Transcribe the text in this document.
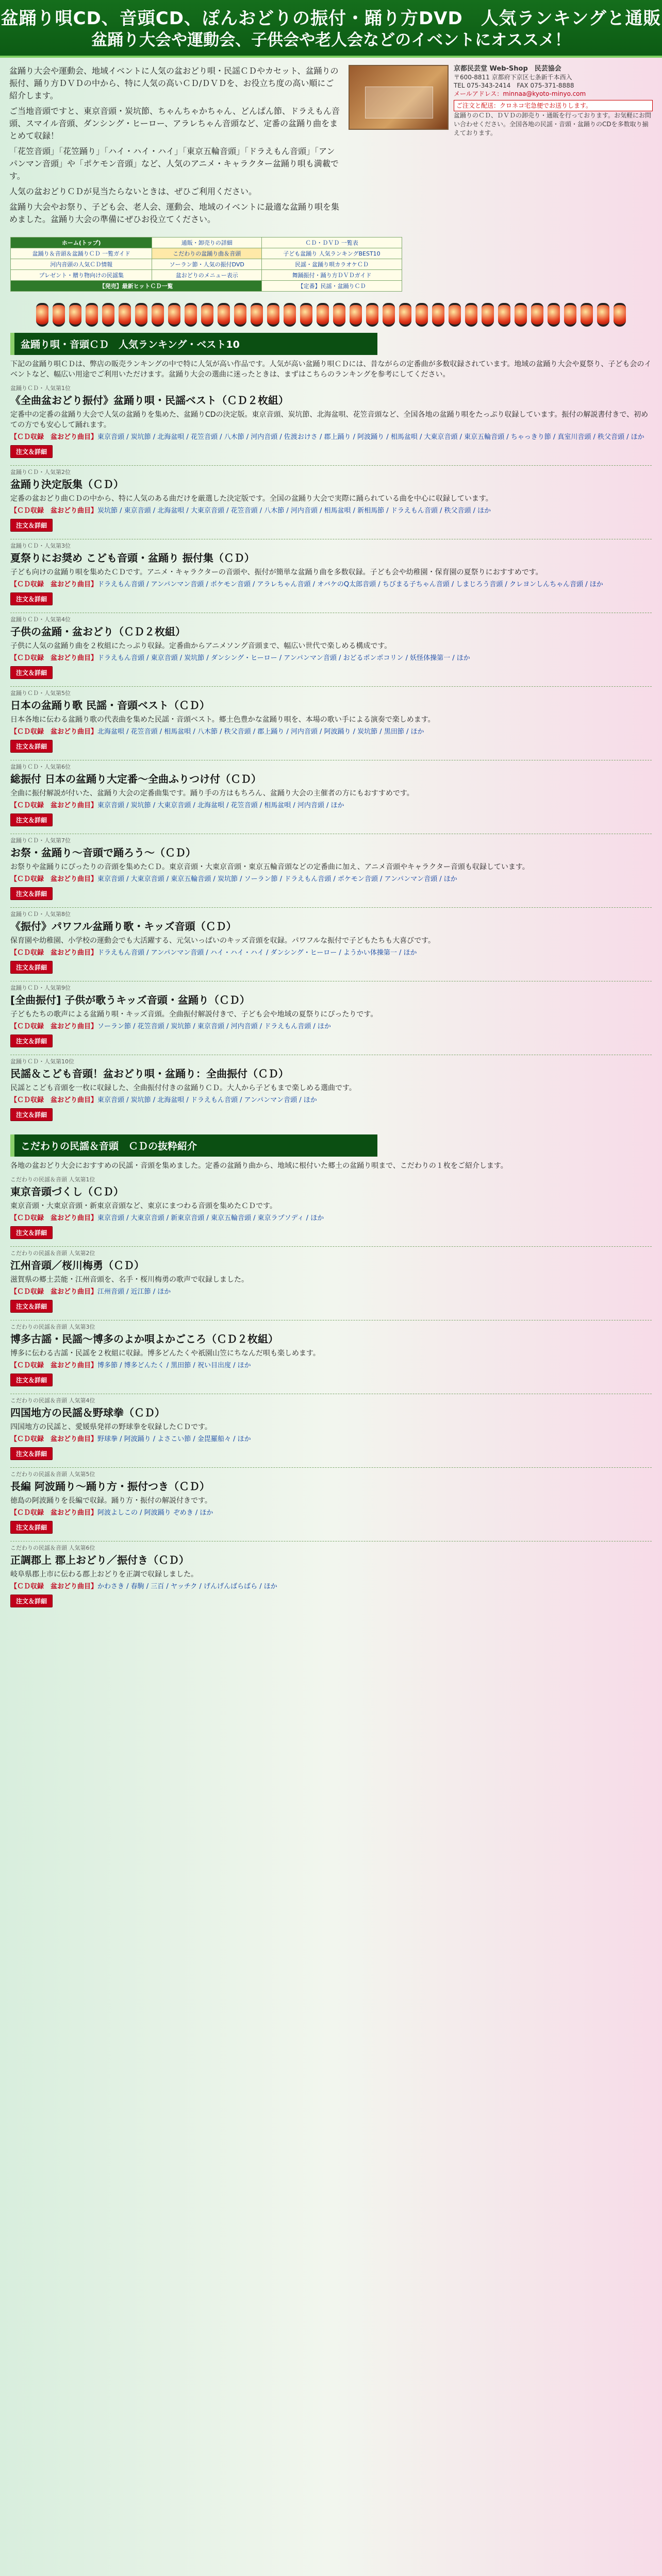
盆踊り唄CD、音頭CD、ぽんおどりの振付・踊り方DVD　人気ランキングと通販
盆踊り大会や運動会、子供会や老人会などのイベントにオススメ！

盆踊り大会や運動会、地域イベントに人気の盆おどり唄・民謡ＣＤやカセット、盆踊りの振付、踊り方ＤＶＤの中から、特に人気の高いＣＤ/ＤＶＤを、お役立ち度の高い順にご紹介します。

ご当地音頭ですと、東京音頭・炭坑節、ちゃんちゃかちゃん、どんぱん節、ドラえもん音頭、スマイル音頭、ダンシング・ヒーロー、アラレちゃん音頭など、定番の盆踊り曲をまとめて収録！

「花笠音頭」「花笠踊り」「ハイ・ハイ・ハイ」「東京五輪音頭」「ドラえもん音頭」「アンパンマン音頭」や「ポケモン音頭」など、人気のアニメ・キャラクター盆踊り唄も満載です。

人気の盆おどりＣＤが見当たらないときは、ぜひご利用ください。

盆踊り大会やお祭り、子ども会、老人会、運動会、地域のイベントに最適な盆踊り唄を集めました。盆踊り大会の準備にぜひお役立てください。

京都民芸堂 Web-Shop　民芸協会
〒600-8811 京都府下京区七条新千本西入
TEL 075-343-2414　FAX 075-371-8888
メールアドレス：minnaa@kyoto-minyo.com
ご注文と配送：クロネコ宅急便でお送りします。
盆踊りのＣＤ、ＤＶＤの卸売り・通販を行っております。お気軽にお問い合わせください。全国各地の民謡・音頭・盆踊りのCDを多数取り揃えております。
ホーム(トップ)	通販・卸売りの詳細	ＣＤ・ＤＶＤ 一覧表
盆踊り＆音頭＆盆踊りＣＤ 一覧ガイド	こだわりの盆踊り曲＆音頭	子ども盆踊り 人気ランキングBEST10
河内音頭の人気ＣＤ情報	ソーラン節・人気の振付DVD	民謡・盆踊り唄カラオケＣＤ
プレゼント・贈り物向けの民謡集	盆おどりのメニュー表示	舞踊振付・踊り方ＤＶＤガイド
【発売】最新ヒットＣＤ一覧		【定番】民謡・盆踊りＣＤ
盆踊り唄・音頭ＣＤ　人気ランキング・ベスト10

下記の盆踊り唄ＣＤは、弊店の販売ランキングの中で特に人気が高い作品です。人気が高い盆踊り唄ＣＤには、昔ながらの定番曲が多数収録されています。地域の盆踊り大会や夏祭り、子ども会のイベントなど、幅広い用途でご利用いただけます。盆踊り大会の選曲に迷ったときは、まずはこちらのランキングを参考にしてください。

盆踊りＣＤ・人気第1位
《全曲盆おどり振付》盆踊り唄・民謡ベスト（ＣＤ２枚組）

定番中の定番の盆踊り大会で人気の盆踊りを集めた、盆踊りCDの決定版。東京音頭、炭坑節、北海盆唄、花笠音頭など、全国各地の盆踊り唄をたっぷり収録しています。振付の解説書付きで、初めての方でも安心して踊れます。

【ＣＤ収録　盆おどり曲目】東京音頭 / 炭坑節 / 北海盆唄 / 花笠音頭 / 八木節 / 河内音頭 / 佐渡おけさ / 郡上踊り / 阿波踊り / 相馬盆唄 / 大東京音頭 / 東京五輪音頭 / ちゃっきり節 / 真室川音頭 / 秩父音頭 / ほか

注文＆詳細
盆踊りＣＤ・人気第2位
盆踊り決定版集（ＣＤ）

定番の盆おどり曲ＣＤの中から、特に人気のある曲だけを厳選した決定版です。全国の盆踊り大会で実際に踊られている曲を中心に収録しています。

【ＣＤ収録　盆おどり曲目】炭坑節 / 東京音頭 / 北海盆唄 / 大東京音頭 / 花笠音頭 / 八木節 / 河内音頭 / 相馬盆唄 / 新相馬節 / ドラえもん音頭 / 秩父音頭 / ほか

注文＆詳細
盆踊りＣＤ・人気第3位
夏祭りにお奨め こども音頭・盆踊り 振付集（ＣＤ）

子ども向けの盆踊り唄を集めたＣＤです。アニメ・キャラクターの音頭や、振付が簡単な盆踊り曲を多数収録。子ども会や幼稚園・保育園の夏祭りにおすすめです。

【ＣＤ収録　盆おどり曲目】ドラえもん音頭 / アンパンマン音頭 / ポケモン音頭 / アラレちゃん音頭 / オバケのQ太郎音頭 / ちびまる子ちゃん音頭 / しまじろう音頭 / クレヨンしんちゃん音頭 / ほか

注文＆詳細
盆踊りＣＤ・人気第4位
子供の盆踊・盆おどり（ＣＤ２枚組）

子供に人気の盆踊り曲を２枚組にたっぷり収録。定番曲からアニメソング音頭まで、幅広い世代で楽しめる構成です。

【ＣＤ収録　盆おどり曲目】ドラえもん音頭 / 東京音頭 / 炭坑節 / ダンシング・ヒーロー / アンパンマン音頭 / おどるポンポコリン / 妖怪体操第一 / ほか

注文＆詳細
盆踊りＣＤ・人気第5位
日本の盆踊り歌 民謡・音頭ベスト（ＣＤ）

日本各地に伝わる盆踊り歌の代表曲を集めた民謡・音頭ベスト。郷土色豊かな盆踊り唄を、本場の歌い手による演奏で楽しめます。

【ＣＤ収録　盆おどり曲目】北海盆唄 / 花笠音頭 / 相馬盆唄 / 八木節 / 秩父音頭 / 郡上踊り / 河内音頭 / 阿波踊り / 炭坑節 / 黒田節 / ほか

注文＆詳細
盆踊りＣＤ・人気第6位
総振付 日本の盆踊り大定番〜全曲ふりつけ付（ＣＤ）

全曲に振付解説が付いた、盆踊り大会の定番曲集です。踊り手の方はもちろん、盆踊り大会の主催者の方にもおすすめです。

【ＣＤ収録　盆おどり曲目】東京音頭 / 炭坑節 / 大東京音頭 / 北海盆唄 / 花笠音頭 / 相馬盆唄 / 河内音頭 / ほか

注文＆詳細
盆踊りＣＤ・人気第7位
お祭・盆踊り〜音頭で踊ろう〜（ＣＤ）

お祭りや盆踊りにぴったりの音頭を集めたＣＤ。東京音頭・大東京音頭・東京五輪音頭などの定番曲に加え、アニメ音頭やキャラクター音頭も収録しています。

【ＣＤ収録　盆おどり曲目】東京音頭 / 大東京音頭 / 東京五輪音頭 / 炭坑節 / ソーラン節 / ドラえもん音頭 / ポケモン音頭 / アンパンマン音頭 / ほか

注文＆詳細
盆踊りＣＤ・人気第8位
《振付》パワフル盆踊り歌・キッズ音頭（ＣＤ）

保育園や幼稚園、小学校の運動会でも大活躍する、元気いっぱいのキッズ音頭を収録。パワフルな振付で子どもたちも大喜びです。

【ＣＤ収録　盆おどり曲目】ドラえもん音頭 / アンパンマン音頭 / ハイ・ハイ・ハイ / ダンシング・ヒーロー / ようかい体操第一 / ほか

注文＆詳細
盆踊りＣＤ・人気第9位
[全曲振付] 子供が歌うキッズ音頭・盆踊り（ＣＤ）

子どもたちの歌声による盆踊り唄・キッズ音頭。全曲振付解説付きで、子ども会や地域の夏祭りにぴったりです。

【ＣＤ収録　盆おどり曲目】ソーラン節 / 花笠音頭 / 炭坑節 / 東京音頭 / 河内音頭 / ドラえもん音頭 / ほか

注文＆詳細
盆踊りＣＤ・人気第10位
民謡＆こども音頭！盆おどり唄・盆踊り：全曲振付（ＣＤ）

民謡とこども音頭を一枚に収録した、全曲振付付きの盆踊りＣＤ。大人から子どもまで楽しめる選曲です。

【ＣＤ収録　盆おどり曲目】東京音頭 / 炭坑節 / 北海盆唄 / ドラえもん音頭 / アンパンマン音頭 / ほか

注文＆詳細
こだわりの民謡＆音頭　ＣＤの抜粋紹介

各地の盆おどり大会におすすめの民謡・音頭を集めました。定番の盆踊り曲から、地域に根付いた郷土の盆踊り唄まで、こだわりの１枚をご紹介します。

こだわりの民謡＆音頭 人気第1位
東京音頭づくし（ＣＤ）

東京音頭・大東京音頭・新東京音頭など、東京にまつわる音頭を集めたＣＤです。

【ＣＤ収録　盆おどり曲目】東京音頭 / 大東京音頭 / 新東京音頭 / 東京五輪音頭 / 東京ラプソディ / ほか

注文＆詳細
こだわりの民謡＆音頭 人気第2位
江州音頭／桜川梅勇（ＣＤ）

滋賀県の郷土芸能・江州音頭を、名手・桜川梅勇の歌声で収録しました。

【ＣＤ収録　盆おどり曲目】江州音頭 / 近江節 / ほか

注文＆詳細
こだわりの民謡＆音頭 人気第3位
博多古謡・民謡〜博多のよか唄よかごころ（ＣＤ２枚組）

博多に伝わる古謡・民謡を２枚組に収録。博多どんたくや祇園山笠にちなんだ唄も楽しめます。

【ＣＤ収録　盆おどり曲目】博多節 / 博多どんたく / 黒田節 / 祝い目出度 / ほか

注文＆詳細
こだわりの民謡＆音頭 人気第4位
四国地方の民謡＆野球拳（ＣＤ）

四国地方の民謡と、愛媛県発祥の野球拳を収録したＣＤです。

【ＣＤ収録　盆おどり曲目】野球拳 / 阿波踊り / よさこい節 / 金毘羅船々 / ほか

注文＆詳細
こだわりの民謡＆音頭 人気第5位
長編 阿波踊り〜踊り方・振付つき（ＣＤ）

徳島の阿波踊りを長編で収録。踊り方・振付の解説付きです。

【ＣＤ収録　盆おどり曲目】阿波よしこの / 阿波踊り ぞめき / ほか

注文＆詳細
こだわりの民謡＆音頭 人気第6位
正調郡上 郡上おどり／振付き（ＣＤ）

岐阜県郡上市に伝わる郡上おどりを正調で収録しました。

【ＣＤ収録　盆おどり曲目】かわさき / 春駒 / 三百 / ヤッチク / げんげんばらばら / ほか

注文＆詳細
